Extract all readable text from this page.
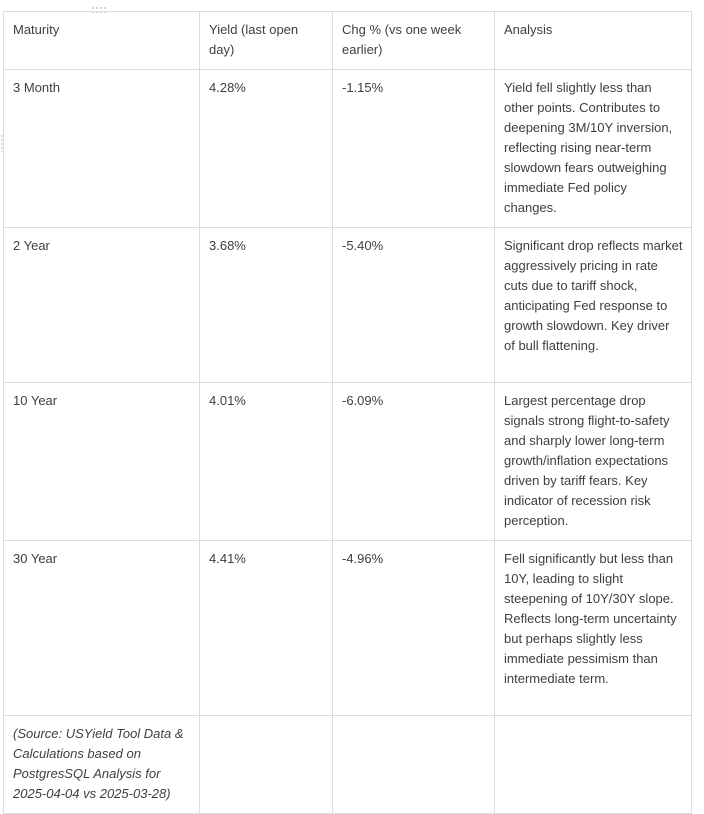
Maturity	Yield (last open day)	Chg % (vs one week earlier)	Analysis
3 Month	4.28%	-1.15%	Yield fell slightly less than other points. Contributes to deepening 3M/10Y inversion, reflecting rising near-term slowdown fears outweighing immediate Fed policy changes.
2 Year	3.68%	-5.40%	Significant drop reflects market aggressively pricing in rate cuts due to tariff shock, anticipating Fed response to growth slowdown. Key driver of bull flattening.
10 Year	4.01%	-6.09%	Largest percentage drop signals strong flight-to-safety and sharply lower long-term growth/inflation expectations driven by tariff fears. Key indicator of recession risk perception.
30 Year	4.41%	-4.96%	Fell significantly but less than 10Y, leading to slight steepening of 10Y/30Y slope. Reflects long-term uncertainty but perhaps slightly less immediate pessimism than intermediate term.
(Source: USYield Tool Data & Calculations based on PostgresSQL Analysis for 2025-04-04 vs 2025-03-28)			
